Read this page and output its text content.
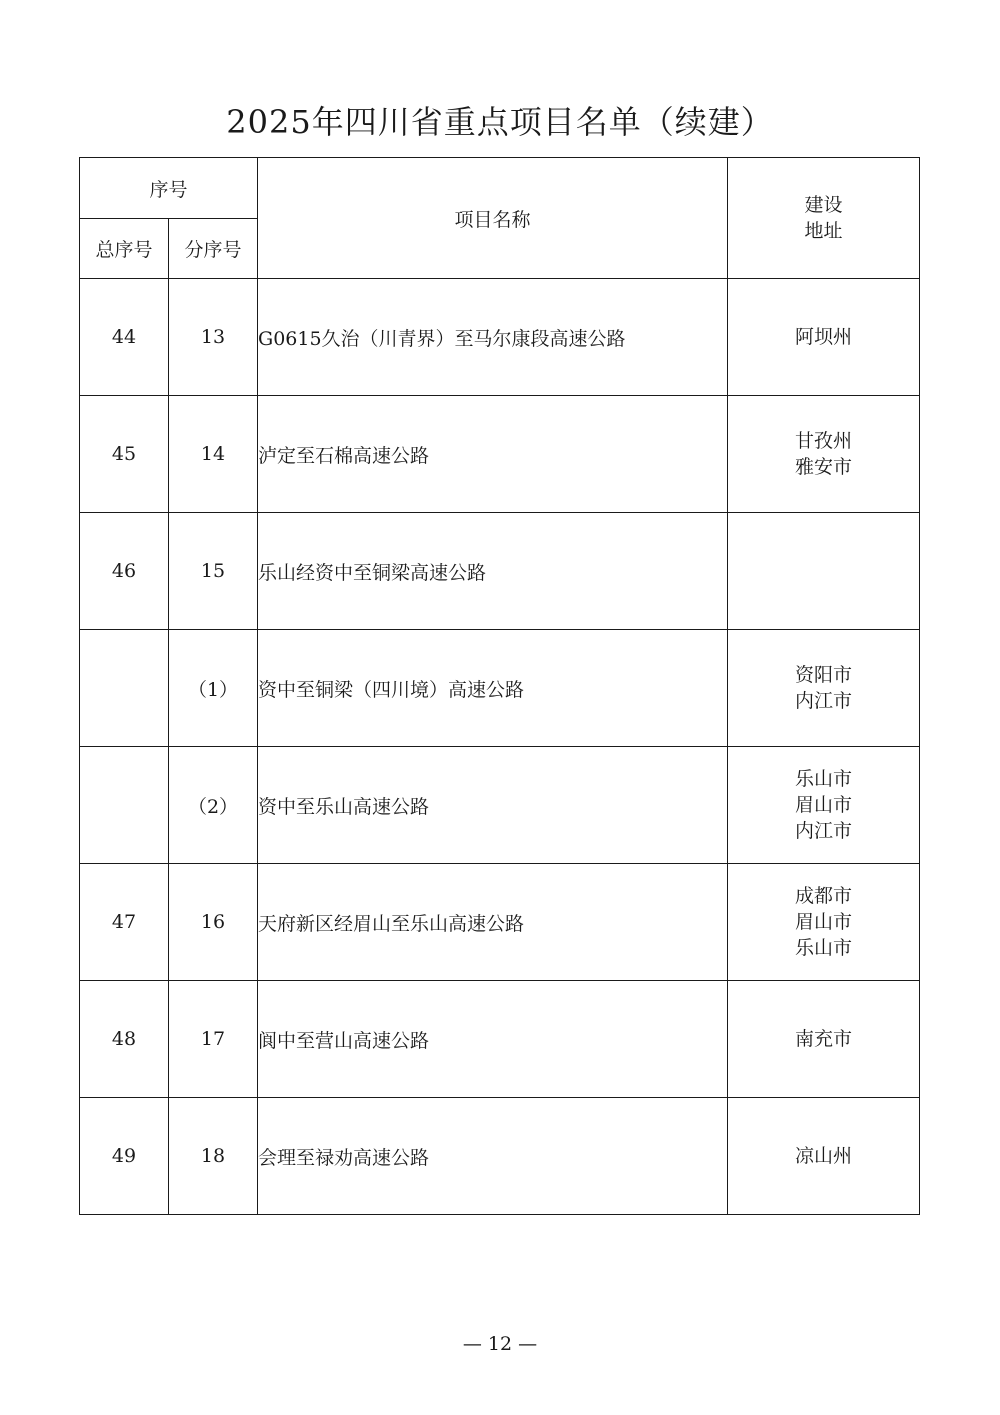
2025年四川省重点项目名单（续建）
序号		项目名称	建设
地址

总序号	分序号		
44	13	G0615久治（川青界）至马尔康段高速公路	阿坝州

45	14	泸定至石棉高速公路	甘孜州
雅安市

46	15	乐山经资中至铜梁高速公路	
	（1）	资中至铜梁（四川境）高速公路	资阳市
内江市

	（2）	资中至乐山高速公路	乐山市
眉山市
内江市

47	16	天府新区经眉山至乐山高速公路	成都市
眉山市
乐山市

48	17	阆中至营山高速公路	南充市

49	18	会理至禄劝高速公路	凉山州
— 12 —
